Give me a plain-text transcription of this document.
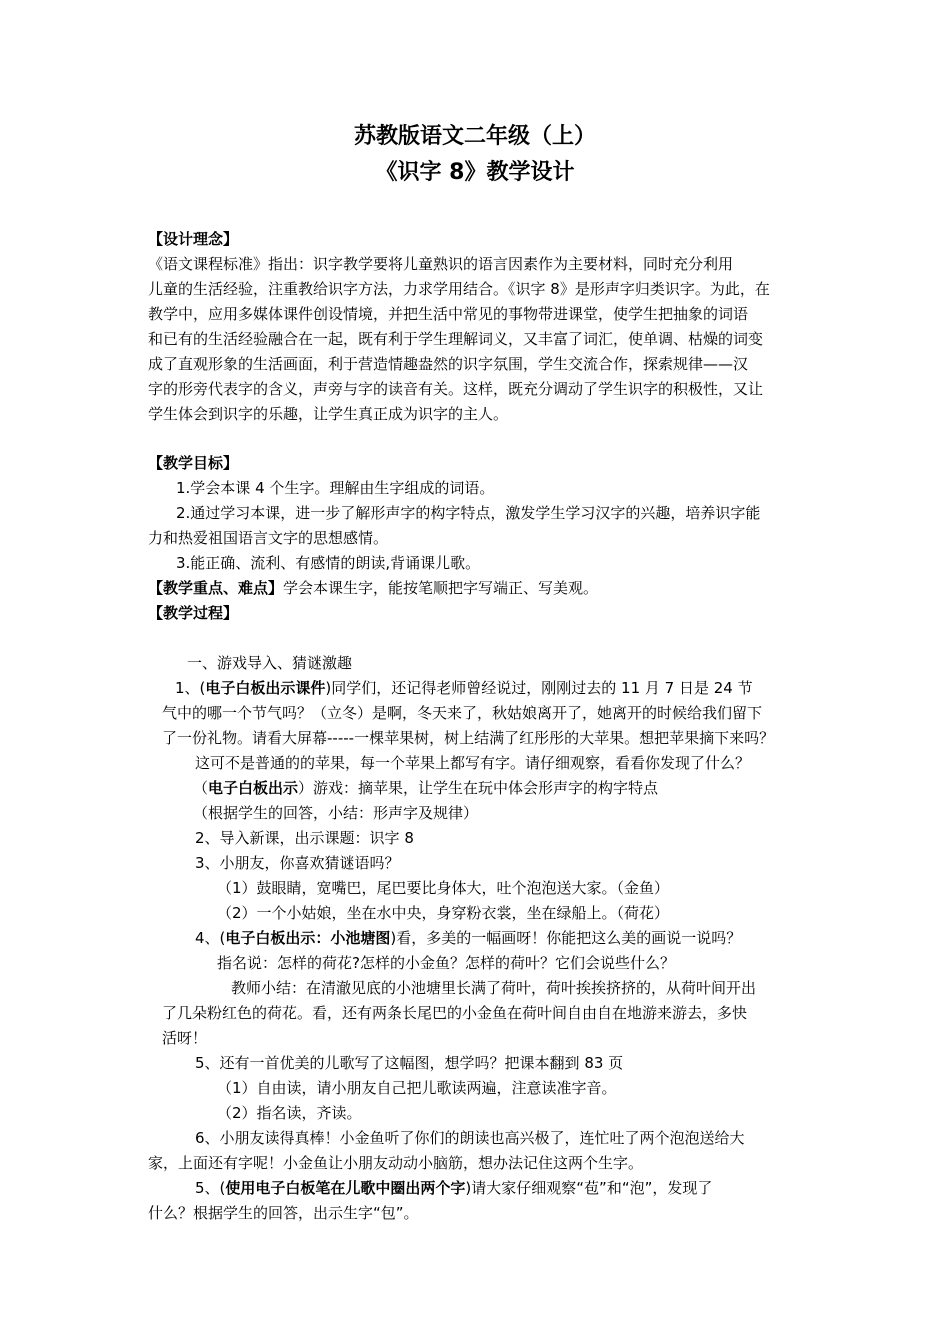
苏教版语文二年级（上）
《识字 8》教学设计
【设计理念】
《语文课程标准》指出：识字教学要将儿童熟识的语言因素作为主要材料，同时充分利用
儿童的生活经验，注重教给识字方法，力求学用结合。《识字 8》是形声字归类识字。为此，在
教学中，应用多媒体课件创设情境，并把生活中常见的事物带进课堂，使学生把抽象的词语
和已有的生活经验融合在一起，既有利于学生理解词义，又丰富了词汇，使单调、枯燥的词变
成了直观形象的生活画面，利于营造情趣盎然的识字氛围，学生交流合作，探索规律——汉
字的形旁代表字的含义，声旁与字的读音有关。这样，既充分调动了学生识字的积极性，又让
学生体会到识字的乐趣，让学生真正成为识字的主人。
【教学目标】
1.学会本课 4 个生字。理解由生字组成的词语。
2.通过学习本课，进一步了解形声字的构字特点，激发学生学习汉字的兴趣，培养识字能
力和热爱祖国语言文字的思想感情。
3.能正确、流利、有感情的朗读,背诵课儿歌。
【教学重点、难点】学会本课生字，能按笔顺把字写端正、写美观。
【教学过程】
一、游戏导入、猜谜激趣
1、(电子白板出示课件)同学们，还记得老师曾经说过，刚刚过去的 11 月 7 日是 24 节
气中的哪一个节气吗？（立冬）是啊，冬天来了，秋姑娘离开了，她离开的时候给我们留下
了一份礼物。请看大屏幕-----一棵苹果树，树上结满了红彤彤的大苹果。想把苹果摘下来吗？
这可不是普通的的苹果，每一个苹果上都写有字。请仔细观察，看看你发现了什么？
（电子白板出示）游戏：摘苹果，让学生在玩中体会形声字的构字特点
（根据学生的回答，小结：形声字及规律）
2、导入新课，出示课题：识字 8
3、小朋友，你喜欢猜谜语吗？
（1）鼓眼睛，宽嘴巴，尾巴要比身体大，吐个泡泡送大家。（金鱼）
（2）一个小姑娘，坐在水中央，身穿粉衣裳，坐在绿船上。（荷花）
4、(电子白板出示：小池塘图)看，多美的一幅画呀！你能把这么美的画说一说吗？
指名说：怎样的荷花?怎样的小金鱼？怎样的荷叶？它们会说些什么？
教师小结：在清澈见底的小池塘里长满了荷叶，荷叶挨挨挤挤的，从荷叶间开出
了几朵粉红色的荷花。看，还有两条长尾巴的小金鱼在荷叶间自由自在地游来游去，多快
活呀！
5、还有一首优美的儿歌写了这幅图，想学吗？把课本翻到 83 页
（1）自由读，请小朋友自己把儿歌读两遍，注意读准字音。
（2）指名读，齐读。
6、小朋友读得真棒！小金鱼听了你们的朗读也高兴极了，连忙吐了两个泡泡送给大
家，上面还有字呢！小金鱼让小朋友动动小脑筋，想办法记住这两个生字。
5、(使用电子白板笔在儿歌中圈出两个字)请大家仔细观察“苞”和“泡”，发现了
什么？根据学生的回答，出示生字“包”。
